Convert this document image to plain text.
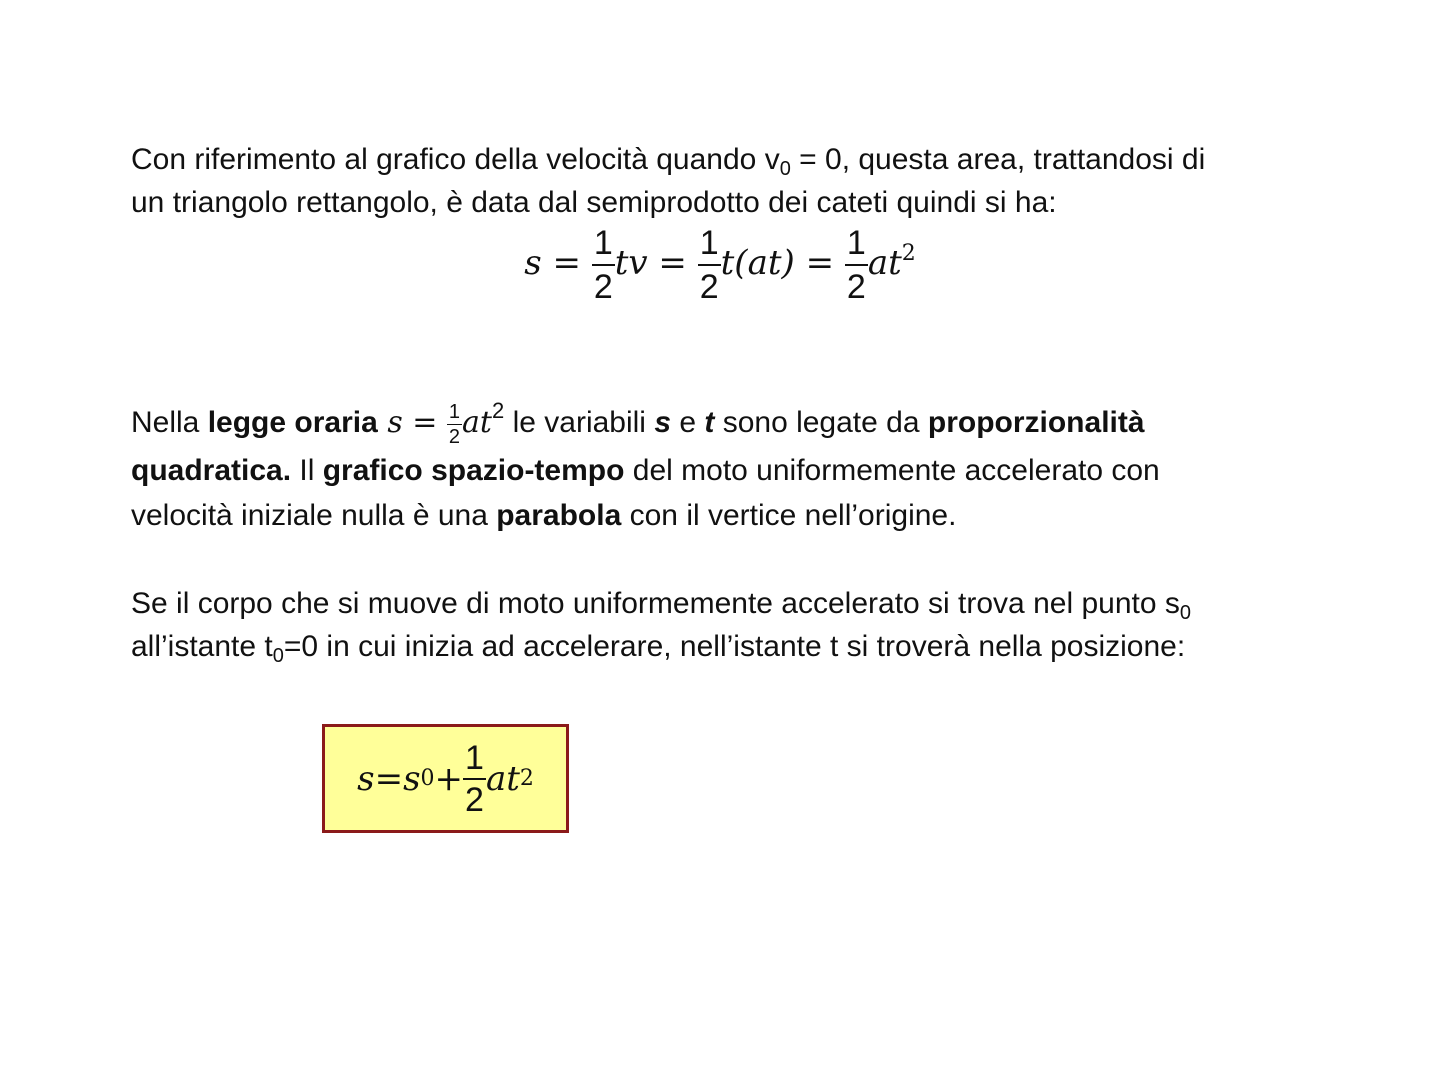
Con riferimento al grafico della velocità quando $v_0 = 0$, questa area, trattandosi di
un triangolo rettangolo, è data dal semiprodotto dei cateti quindi si ha:
$s = \frac{1}{2}$ tv = $\frac{1}{2} t(at) = \frac{1}{2} at^2$
Nella legge oraria $s = \frac{1}{2} at^2$ le variabili s e t sono legate da proporzionalità
quadratica. Il grafico spazio-tempo del moto uniformemente accelerato con
velocità iniziale nulla è una parabola con il vertice nell’origine.
Se il corpo che si muove di moto uniformemente accelerato si trova nel punto $s_0$
all’istante $t_0=0$ in cui inizia ad accelerare, nell’istante t si troverà nella posizione:
s = s $0 + \frac{1}{2}$ at 2
